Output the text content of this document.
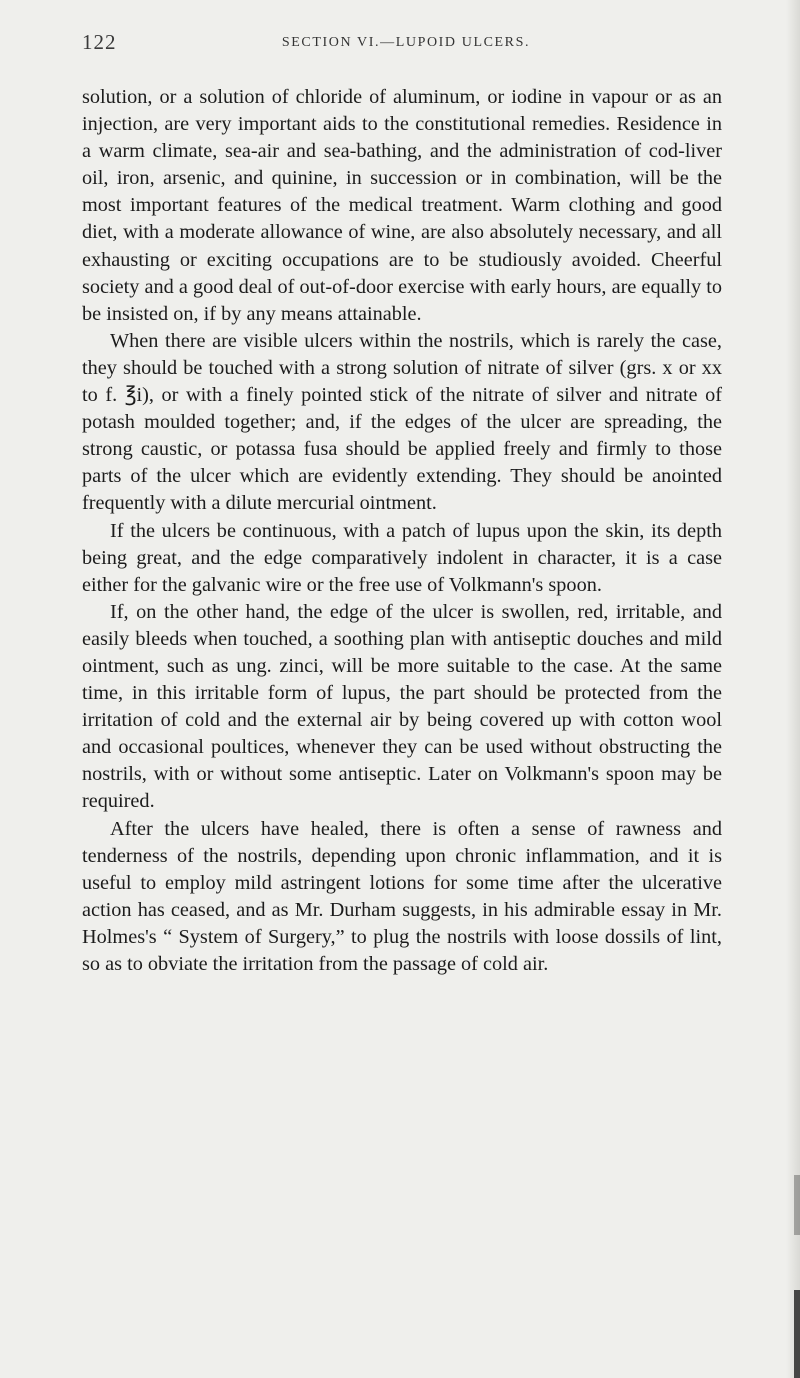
122	SECTION VI.—LUPOID ULCERS.

solution, or a solution of chloride of aluminum, or iodine in vapour or as an injection, are very important aids to the constitutional remedies. Residence in a warm climate, sea-air and sea-bathing, and the administration of cod-liver oil, iron, arsenic, and quinine, in succession or in combination, will be the most important features of the medical treatment. Warm clothing and good diet, with a moderate allowance of wine, are also absolutely necessary, and all exhausting or exciting occupations are to be studiously avoided. Cheerful society and a good deal of out-of-door exercise with early hours, are equally to be insisted on, if by any means attainable.

When there are visible ulcers within the nostrils, which is rarely the case, they should be touched with a strong solution of nitrate of silver (grs. x or xx to f. ℥i), or with a finely pointed stick of the nitrate of silver and nitrate of potash moulded together; and, if the edges of the ulcer are spreading, the strong caustic, or potassa fusa should be applied freely and firmly to those parts of the ulcer which are evidently extending. They should be anointed frequently with a dilute mercurial ointment.

If the ulcers be continuous, with a patch of lupus upon the skin, its depth being great, and the edge comparatively indolent in character, it is a case either for the galvanic wire or the free use of Volkmann's spoon.

If, on the other hand, the edge of the ulcer is swollen, red, irritable, and easily bleeds when touched, a soothing plan with antiseptic douches and mild ointment, such as ung. zinci, will be more suitable to the case. At the same time, in this irritable form of lupus, the part should be protected from the irritation of cold and the external air by being covered up with cotton wool and occasional poultices, whenever they can be used without obstructing the nostrils, with or without some antiseptic. Later on Volkmann's spoon may be required.

After the ulcers have healed, there is often a sense of rawness and tenderness of the nostrils, depending upon chronic inflammation, and it is useful to employ mild astringent lotions for some time after the ulcerative action has ceased, and as Mr. Durham suggests, in his admirable essay in Mr. Holmes's “ System of Surgery,” to plug the nostrils with loose dossils of lint, so as to obviate the irritation from the passage of cold air.
